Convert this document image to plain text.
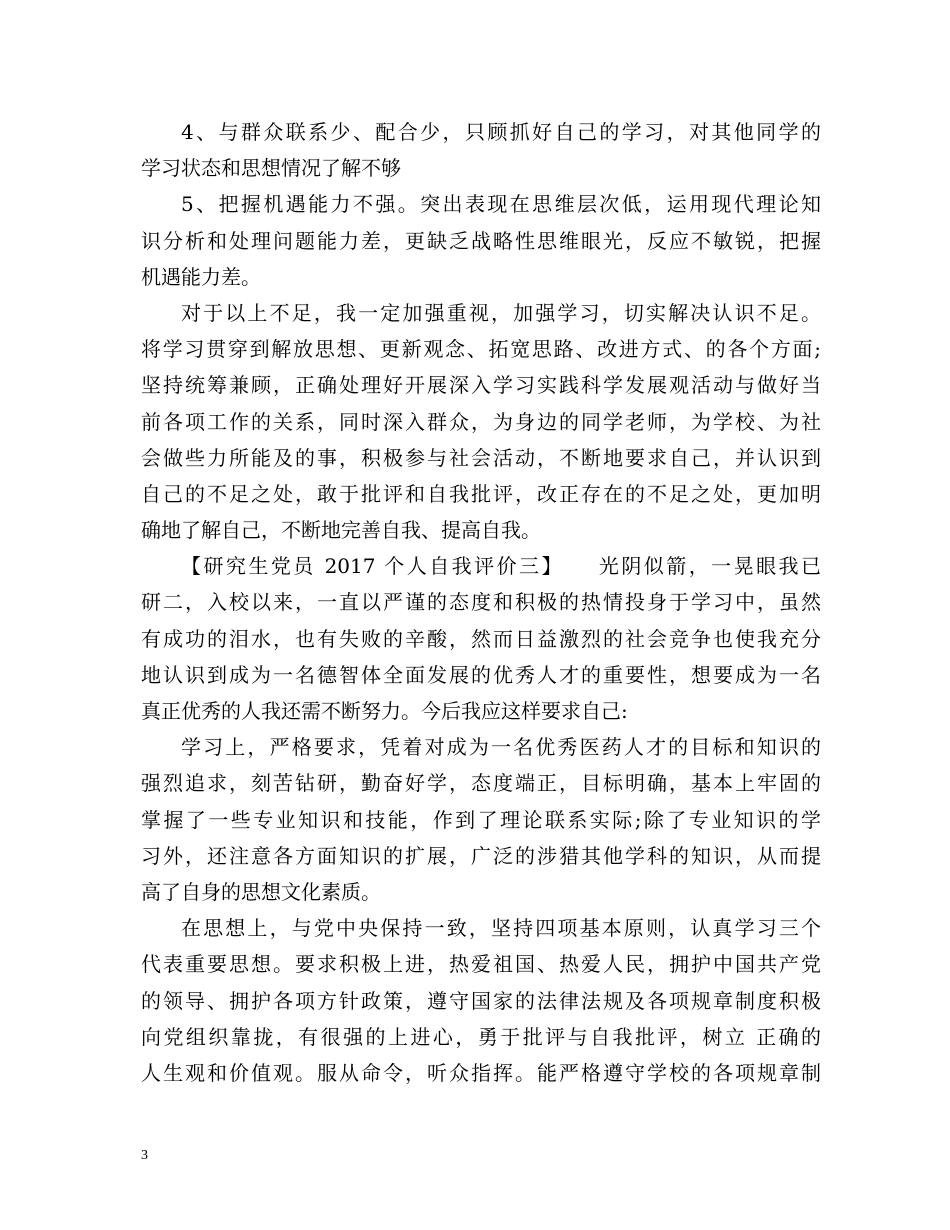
4、与群众联系少、配合少，只顾抓好自己的学习，对其他同学的
学习状态和思想情况了解不够
5、把握机遇能力不强。突出表现在思维层次低，运用现代理论知
识分析和处理问题能力差，更缺乏战略性思维眼光，反应不敏锐，把握
机遇能力差。
对于以上不足，我一定加强重视，加强学习，切实解决认识不足。
将学习贯穿到解放思想、更新观念、拓宽思路、改进方式、的各个方面;
坚持统筹兼顾，正确处理好开展深入学习实践科学发展观活动与做好当
前各项工作的关系，同时深入群众，为身边的同学老师，为学校、为社
会做些力所能及的事，积极参与社会活动，不断地要求自己，并认识到
自己的不足之处，敢于批评和自我批评，改正存在的不足之处，更加明
确地了解自己，不断地完善自我、提高自我。
【研究生党员 2017 个人自我评价三】　　光阴似箭，一晃眼我已
研二，入校以来，一直以严谨的态度和积极的热情投身于学习中，虽然
有成功的泪水，也有失败的辛酸，然而日益激烈的社会竞争也使我充分
地认识到成为一名德智体全面发展的优秀人才的重要性，想要成为一名
真正优秀的人我还需不断努力。今后我应这样要求自己:
学习上，严格要求，凭着对成为一名优秀医药人才的目标和知识的
强烈追求，刻苦钻研，勤奋好学，态度端正，目标明确，基本上牢固的
掌握了一些专业知识和技能，作到了理论联系实际;除了专业知识的学
习外，还注意各方面知识的扩展，广泛的涉猎其他学科的知识，从而提
高了自身的思想文化素质。
在思想上，与党中央保持一致，坚持四项基本原则，认真学习三个
代表重要思想。要求积极上进，热爱祖国、热爱人民，拥护中国共产党
的领导、拥护各项方针政策，遵守国家的法律法规及各项规章制度积极
向党组织靠拢，有很强的上进心，勇于批评与自我批评，树立 正确的
人生观和价值观。服从命令，听众指挥。能严格遵守学校的各项规章制
3
